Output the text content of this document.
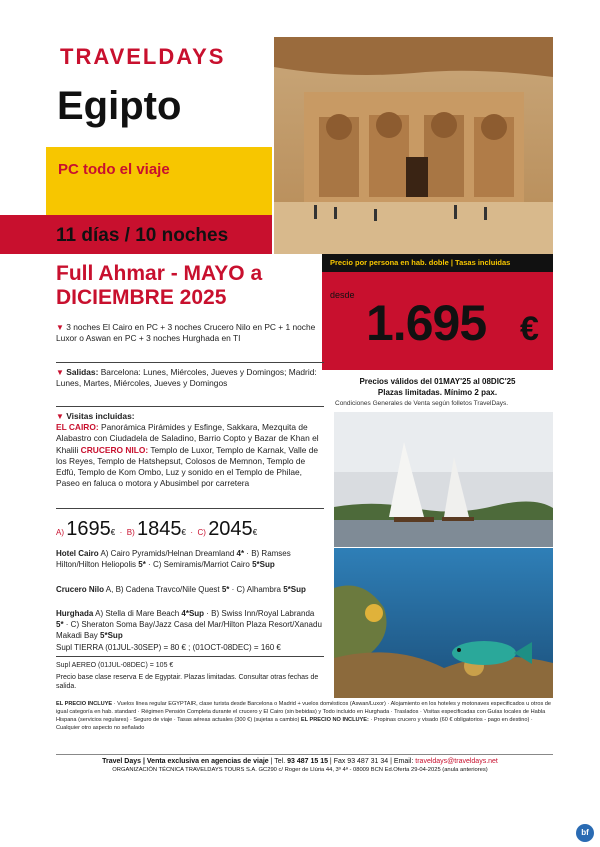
TRAVELDAYS
Egipto
PC todo el viaje
11 días / 10 noches
Precio por persona en hab. doble | Tasas incluidas
desde 1.695 €
Precios válidos del 01MAY'25 al 08DIC'25
Plazas limitadas. Mínimo 2 pax.
Condiciones Generales de Venta según folletos TravelDays.
Full Ahmar - MAYO a DICIEMBRE 2025
▼ 3 noches El Cairo en PC + 3 noches Crucero Nilo en PC + 1 noche Luxor o Aswan en PC + 3 noches Hurghada en TI
▼ Salidas: Barcelona: Lunes, Miércoles, Jueves y Domingos; Madrid: Lunes, Martes, Miércoles, Jueves y Domingos
▼ Visitas incluidas:
EL CAIRO: Panorámica Pirámides y Esfinge, Sakkara, Mezquita de Alabastro con Ciudadela de Saladino, Barrio Copto y Bazar de Khan el Khalili CRUCERO NILO: Templo de Luxor, Templo de Karnak, Valle de los Reyes, Templo de Hatshepsut, Colosos de Memnon, Templo de Edfú, Templo de Kom Ombo, Luz y sonido en el Templo de Philae, Paseo en faluca o motora y Abusimbel por carretera
A) 1695€  ·  B) 1845€  ·  C) 2045€
Hotel Cairo A) Cairo Pyramids/Helnan Dreamland 4* · B) Ramses Hilton/Hilton Heliopolis 5* · C) Semiramis/Marriot Cairo 5*Sup
Crucero Nilo A, B) Cadena Travco/Nile Quest 5* · C) Alhambra 5*Sup
Hurghada A) Stella di Mare Beach 4*Sup · B) Swiss Inn/Royal Labranda 5* · C) Sheraton Soma Bay/Jazz Casa del Mar/Hilton Plaza Resort/Xanadu Makadi Bay 5*Sup
Supl TIERRA (01JUL-30SEP) = 80 € ; (01OCT-08DEC) = 160 €
Supl AEREO (01JUL-08DEC) = 105 €
Precio base clase reserva E de Egyptair. Plazas limitadas. Consultar otras fechas de salida.
EL PRECIO INCLUYE · Vuelos línea regular EGYPTAIR, clase turista desde Barcelona o Madrid + vuelos domésticos (Aswan/Luxor) · Alojamiento en los hoteles y motonaves especificados u otros de igual categoría en hab. standard · Régimen Pensión Completa durante el crucero y El Cairo (sin bebidas) y Todo incluido en Hurghada · Traslados · Visitas especificadas con Guías locales de Habla Hispana (servicios regulares) · Seguro de viaje · Tasas aéreas actuales (300 €) (sujetas a cambio) EL PRECIO NO INCLUYE: · Propinas crucero y visado (60 € obligatorios - pago en destino) · Cualquier otro aspecto no señalado
Travel Days | Venta exclusiva en agencias de viaje | Tel. 93 487 15 15 | Fax 93 487 31 34 | Email: traveldays@traveldays.net
ORGANIZACIÓN TÉCNICA TRAVELDAYS TOURS S.A. GC290 c/ Roger de Llúria 44, 3º 4ª - 08009 BCN Ed.Oferta 29-04-2025 (anula anteriores)
bf
